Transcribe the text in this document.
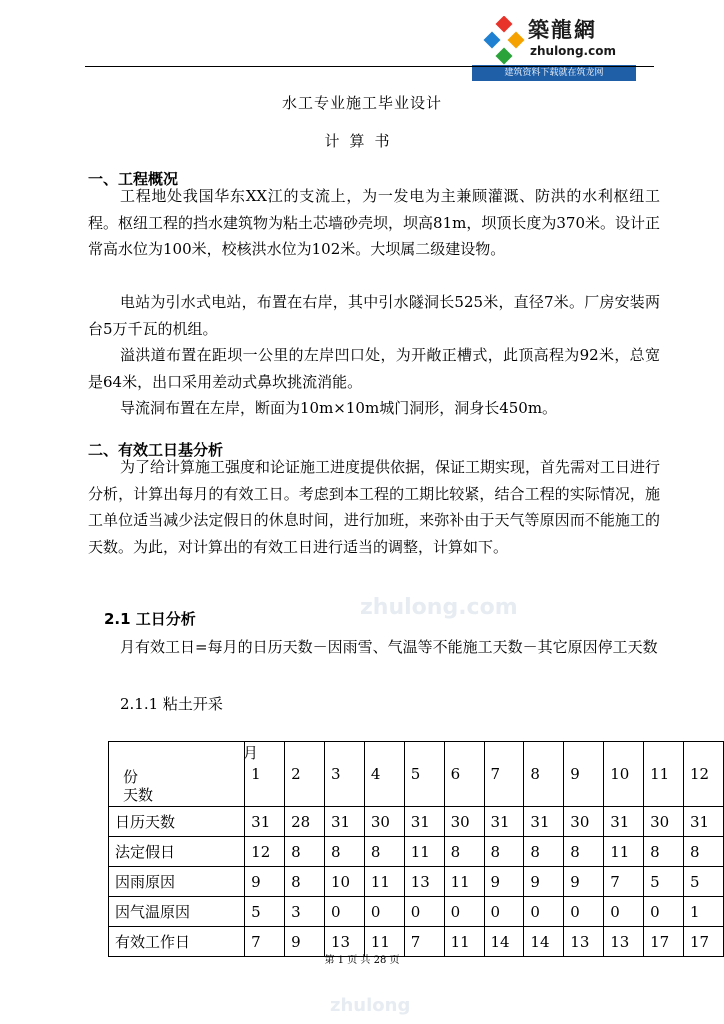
築龍網
zhulong.com
建筑资料下载就在筑龙网
水工专业施工毕业设计
计算书
一、工程概况
工程地处我国华东XX江的支流上，为一发电为主兼顾灌溉、防洪的水利枢纽工程。枢纽工程的挡水建筑物为粘土芯墙砂壳坝，坝高81m，坝顶长度为370米。设计正常高水位为100米，校核洪水位为102米。大坝属二级建设物。
电站为引水式电站，布置在右岸，其中引水隧洞长525米，直径7米。厂房安装两台5万千瓦的机组。
溢洪道布置在距坝一公里的左岸凹口处，为开敞正槽式，此顶高程为92米，总宽是64米，出口采用差动式鼻坎挑流消能。
导流洞布置在左岸，断面为10m×10m城门洞形，洞身长450m。
zhulong.com
二、有效工日基分析
为了给计算施工强度和论证施工进度提供依据，保证工期实现，首先需对工日进行分析，计算出每月的有效工日。考虑到本工程的工期比较紧，结合工程的实际情况，施工单位适当减少法定假日的休息时间，进行加班，来弥补由于天气等原因而不能施工的天数。为此，对计算出的有效工日进行适当的调整，计算如下。
2.1 工日分析
月有效工日=每月的日历天数－因雨雪、气温等不能施工天数－其它原因停工天数
2.1.1 粘土开采
月
份
天数	1	2	3	4	5	6	7	8	9	10	11	12
日历天数	31	28	31	30	31	30	31	31	30	31	30	31
法定假日	12	8	8	8	11	8	8	8	8	11	8	8
因雨原因	9	8	10	11	13	11	9	9	9	7	5	5
因气温原因	5	3	0	0	0	0	0	0	0	0	0	1
有效工作日	7	9	13	11	7	11	14	14	13	13	17	17
第 1 页 共 28 页
zhulong
